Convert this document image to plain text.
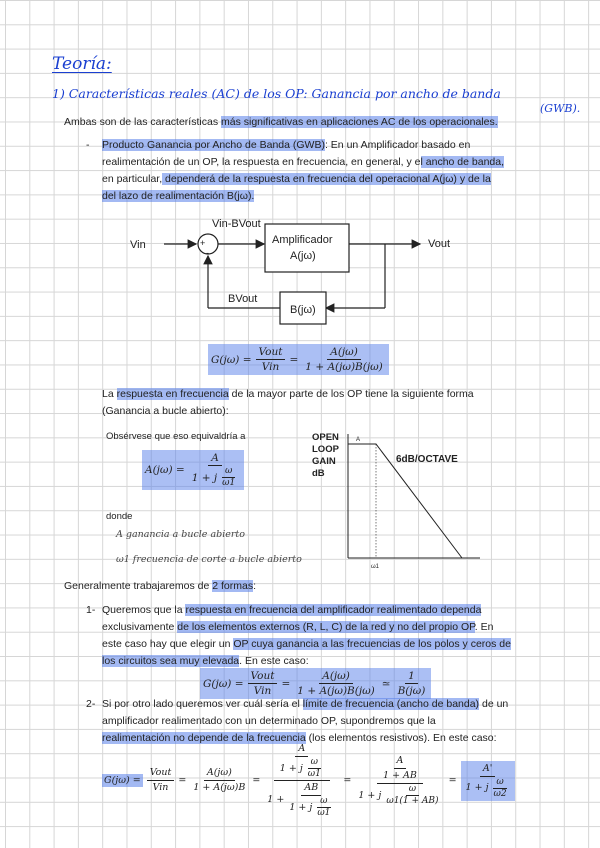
Teoría:
1) Características reales (AC) de los OP: Ganancia por ancho de banda
(GWB).
Ambas son de las características más significativas en aplicaciones AC de los operacionales.
- Producto Ganancia por Ancho de Banda (GWB): En un Amplificador basado en
realimentación de un OP, la respuesta en frecuencia, en general, y el ancho de banda,
en particular, dependerá de la respuesta en frecuencia del operacional A(jω) y de la
del lazo de realimentación B(jω).
Vin	+
-
Vin-BVout
Amplificador
A(jω)
Vout
B(jω)
BVout
$G(j\omega) = \frac{\text{Vout}}{\text{Vin}} = \frac{A(j\omega)}{1 + A(j\omega)B(j\omega)}$
La respuesta en frecuencia de la mayor parte de los OP tiene la siguiente forma
(Ganancia a bucle abierto):
Obsérvese que eso equivaldría a
$A(j\omega) = \frac{A}{1 + j \frac{\omega}{\omega 1}}$
donde
A ganancia a bucle abierto
ω1 frecuencia de corte a bucle abierto
OPEN
LOOP
GAIN
dB
A
6dB/OCTAVE
ω1
Generalmente trabajaremos de 2 formas:
1- Queremos que la respuesta en frecuencia del amplificador realimentado dependa
exclusivamente de los elementos externos (R, L, C) de la red y no del propio OP. En
este caso hay que elegir un OP cuya ganancia a las frecuencias de los polos y ceros de
los circuitos sea muy elevada. En este caso:
$G(j\omega) = \frac{\text{Vout}}{\text{Vin}} = \frac{A(j\omega)}{1 + A(j\omega)B(j\omega)}$ ≃ $\frac{1}{B(j\omega)}$
2- Si por otro lado queremos ver cuál sería el límite de frecuencia (ancho de banda) de un
amplificador realimentado con un determinado OP, supondremos que la
realimentación no depende de la frecuencia (los elementos resistivos). En este caso:
$G(j\omega) = \frac{\text{Vout}}{\text{Vin}} = \frac{A(j\omega)}{1 + A(j\omega)B} = \frac{\frac{A}{1 + j \frac{\omega}{\omega 1}}}{1 + \frac{AB}{1 + j \frac{\omega}{\omega 1}}} = \frac{\frac{A}{1 + AB}}{1 + j \frac{\omega}{\omega 1(1 + AB)}} = \frac{A'}{1 + j \frac{\omega}{\omega 2}}$
